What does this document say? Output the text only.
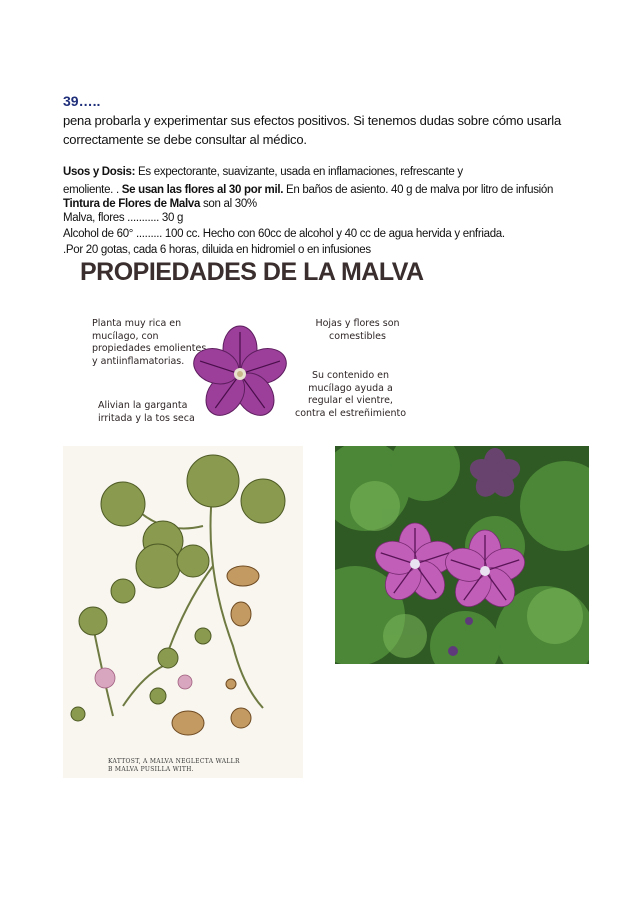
39…..
pena probarla y experimentar sus efectos positivos. Si tenemos dudas sobre cómo usarla
correctamente se debe consultar al médico.
Usos y Dosis: Es expectorante, suavizante, usada en inflamaciones, refrescante y
emoliente. . Se usan las flores al 30 por mil. En baños de asiento. 40 g de malva por litro de infusión
Tintura de Flores de Malva son al 30%
Malva, flores ........... 30 g
Alcohol de 60° ......... 100 cc. Hecho con 60cc de alcohol y 40 cc de agua hervida y enfriada.
.Por 20 gotas, cada 6 horas, diluida en hidromiel o en infusiones
PROPIEDADES DE LA MALVA
Planta muy rica en
mucílago, con
propiedades emolientes
y antiinflamatorias.
Alivian la garganta
irritada y la tos seca
Hojas y flores son
comestibles
Su contenido en
mucílago ayuda a
regular el vientre,
contra el estreñimiento
KATTOST, A MALVA NEGLECTA WALLR
B MALVA PUSILLA WITH.
